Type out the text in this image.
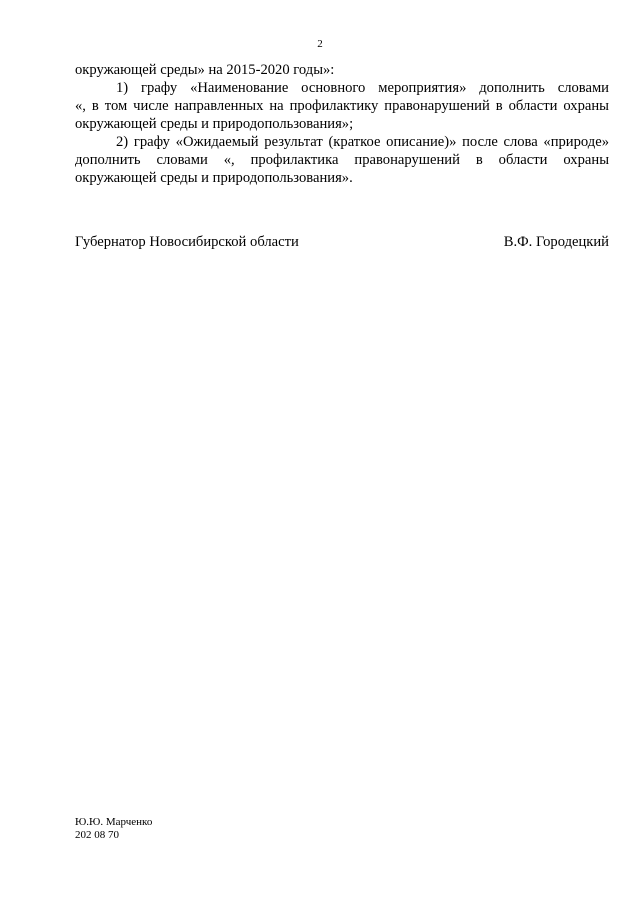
2
окружающей среды» на 2015-2020 годы»:
1) графу «Наименование основного мероприятия» дополнить словами
«, в том числе направленных на профилактику правонарушений в области охраны
окружающей среды и природопользования»;
2) графу «Ожидаемый результат (краткое описание)» после слова «природе»
дополнить словами «, профилактика правонарушений в области охраны
окружающей среды и природопользования».
Губернатор Новосибирской области	В.Ф. Городецкий
Ю.Ю. Марченко
202 08 70
